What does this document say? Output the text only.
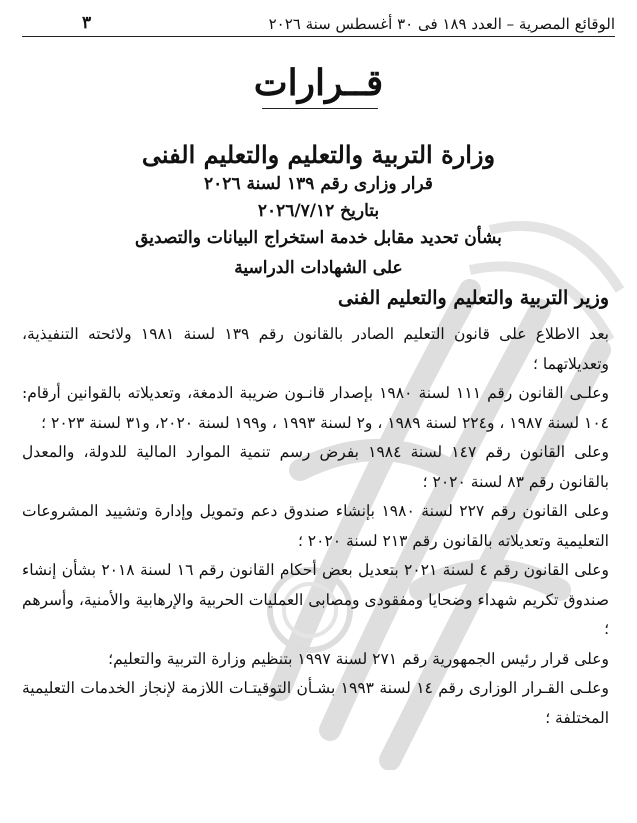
الوقائع المصرية – العدد ١٨٩ فى ٣٠ أغسطس سنة ٢٠٢٦
٣
قــرارات
وزارة التربية والتعليم والتعليم الفنى
قرار وزارى رقم ١٣٩ لسنة ٢٠٢٦
بتاريخ ٢٠٢٦/٧/١٢
بشأن تحديد مقابل خدمة استخراج البيانات والتصديق
على الشهادات الدراسية
وزير التربية والتعليم والتعليم الفنى

بعد الاطلاع على قانون التعليم الصادر بالقانون رقم ١٣٩ لسنة ١٩٨١ ولائحته التنفيذية، وتعديلاتهما ؛

وعلـى القانون رقم ١١١ لسنة ١٩٨٠ بإصدار قانـون ضريبة الدمغة، وتعديلاته بالقوانين أرقام: ١٠٤ لسنة ١٩٨٧ ، و٢٢٤ لسنة ١٩٨٩ ، و٢ لسنة ١٩٩٣ ، و١٩٩ لسنة ٢٠٢٠، و٣١ لسنة ٢٠٢٣ ؛

وعلى القانون رقم ١٤٧ لسنة ١٩٨٤ بفرض رسم تنمية الموارد المالية للدولة، والمعدل بالقانون رقم ٨٣ لسنة ٢٠٢٠ ؛

وعلى القانون رقم ٢٢٧ لسنة ١٩٨٠ بإنشاء صندوق دعم وتمويل وإدارة وتشييد المشروعات التعليمية وتعديلاته بالقانون رقم ٢١٣ لسنة ٢٠٢٠ ؛

وعلى القانون رقم ٤ لسنة ٢٠٢١ بتعديل بعض أحكام القانون رقم ١٦ لسنة ٢٠١٨ بشأن إنشاء صندوق تكريم شهداء وضحايا ومفقودى ومصابى العمليات الحربية والإرهابية والأمنية، وأسرهم ؛

وعلى قرار رئيس الجمهورية رقم ٢٧١ لسنة ١٩٩٧ بتنظيم وزارة التربية والتعليم؛

وعلـى القـرار الوزارى رقم ١٤ لسنة ١٩٩٣ بشـأن التوقيتـات اللازمة لإنجاز الخدمات التعليمية المختلفة ؛
